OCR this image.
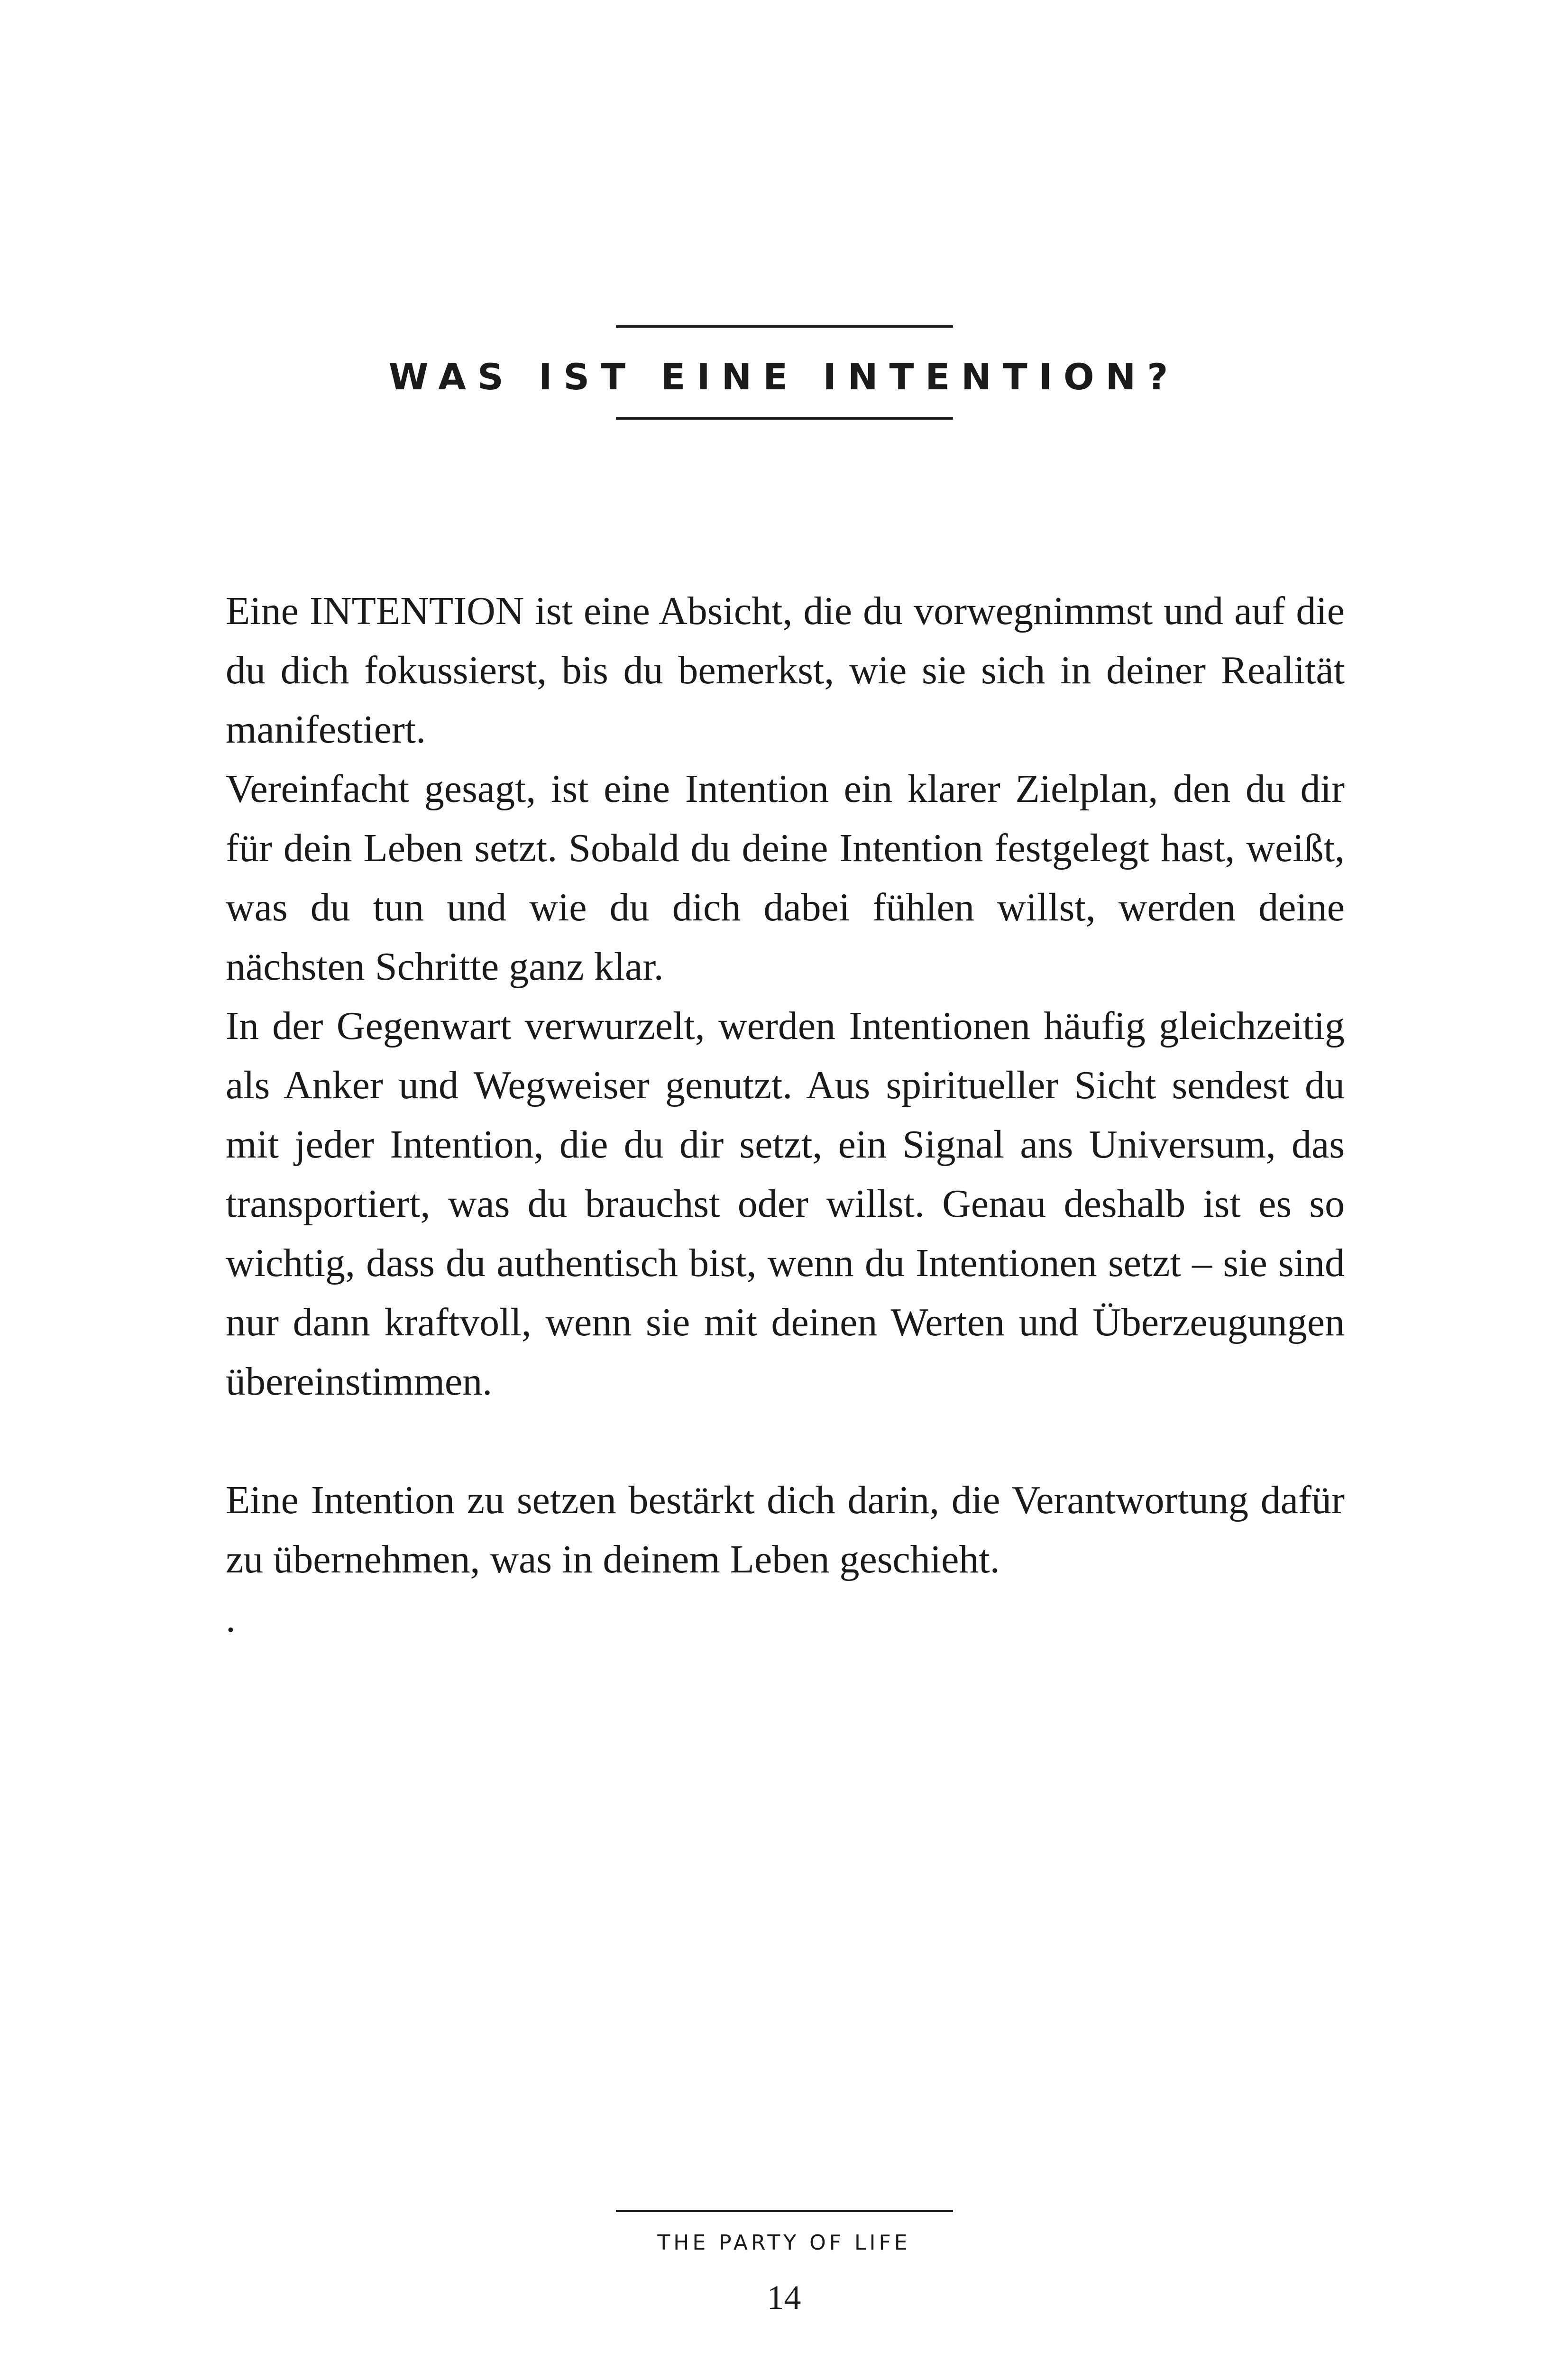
WAS IST EINE INTENTION?

Eine INTENTION ist eine Absicht, die du vorwegnimmst und auf die du dich fokussierst, bis du bemerkst, wie sie sich in deiner Realität manifestiert.

Vereinfacht gesagt, ist eine Intention ein klarer Zielplan, den du dir für dein Leben setzt. Sobald du deine Intention festgelegt hast, weißt, was du tun und wie du dich dabei fühlen willst, werden deine nächsten Schritte ganz klar.

In der Gegenwart verwurzelt, werden Intentionen häufig gleichzeitig als Anker und Wegweiser genutzt. Aus spiritueller Sicht sendest du mit jeder Intention, die du dir setzt, ein Signal ans Universum, das transportiert, was du brauchst oder willst. Genau deshalb ist es so wichtig, dass du authentisch bist, wenn du Intentionen setzt – sie sind nur dann kraftvoll, wenn sie mit deinen Werten und Überzeugungen übereinstimmen.

Eine Intention zu setzen bestärkt dich darin, die Verantwortung dafür zu übernehmen, was in deinem Leben geschieht.

.
THE PARTY OF LIFE
14
